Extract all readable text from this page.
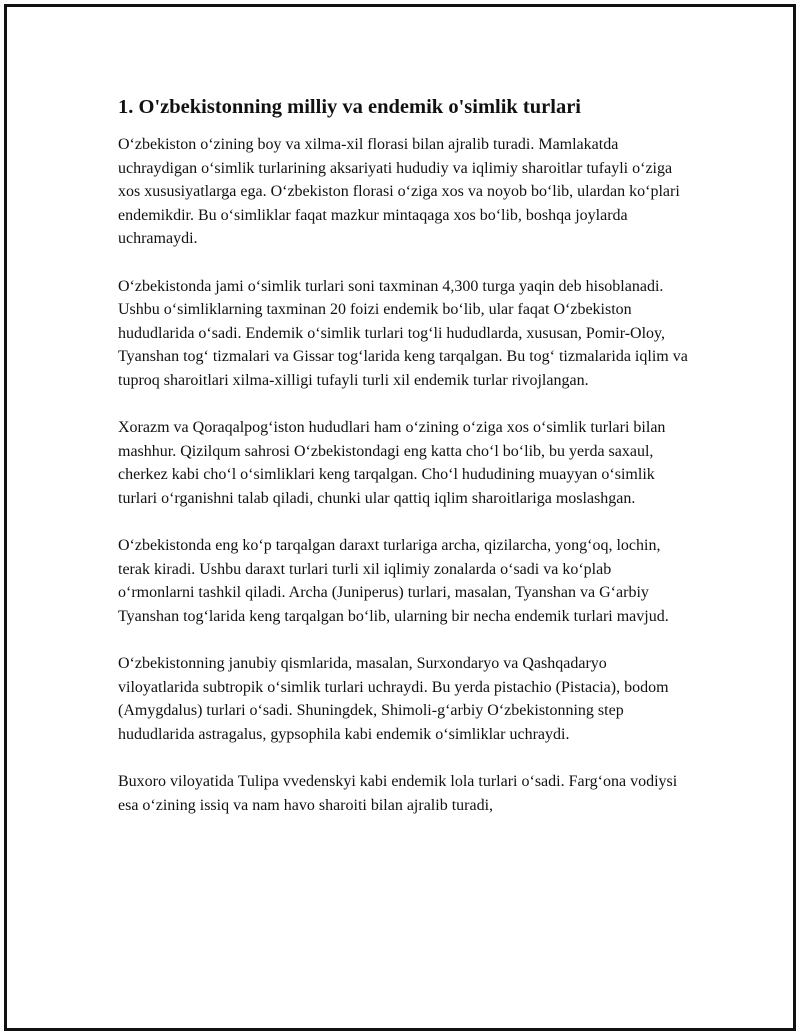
1. O'zbekistonning milliy va endemik o'simlik turlari

O‘zbekiston o‘zining boy va xilma-xil florasi bilan ajralib turadi. Mamlakatda uchraydigan o‘simlik turlarining aksariyati hududiy va iqlimiy sharoitlar tufayli o‘ziga xos xususiyatlarga ega. O‘zbekiston florasi o‘ziga xos va noyob bo‘lib, ulardan ko‘plari endemikdir. Bu o‘simliklar faqat mazkur mintaqaga xos bo‘lib, boshqa joylarda uchramaydi.

O‘zbekistonda jami o‘simlik turlari soni taxminan 4,300 turga yaqin deb hisoblanadi. Ushbu o‘simliklarning taxminan 20 foizi endemik bo‘lib, ular faqat O‘zbekiston hududlarida o‘sadi. Endemik o‘simlik turlari tog‘li hududlarda, xususan, Pomir-Oloy, Tyanshan tog‘ tizmalari va Gissar tog‘larida keng tarqalgan. Bu tog‘ tizmalarida iqlim va tuproq sharoitlari xilma-xilligi tufayli turli xil endemik turlar rivojlangan.

Xorazm va Qoraqalpog‘iston hududlari ham o‘zining o‘ziga xos o‘simlik turlari bilan mashhur. Qizilqum sahrosi O‘zbekistondagi eng katta cho‘l bo‘lib, bu yerda saxaul, cherkez kabi cho‘l o‘simliklari keng tarqalgan. Cho‘l hududining muayyan o‘simlik turlari o‘rganishni talab qiladi, chunki ular qattiq iqlim sharoitlariga moslashgan.

O‘zbekistonda eng ko‘p tarqalgan daraxt turlariga archa, qizilarcha, yong‘oq, lochin, terak kiradi. Ushbu daraxt turlari turli xil iqlimiy zonalarda o‘sadi va ko‘plab o‘rmonlarni tashkil qiladi. Archa (Juniperus) turlari, masalan, Tyanshan va G‘arbiy Tyanshan tog‘larida keng tarqalgan bo‘lib, ularning bir necha endemik turlari mavjud.

O‘zbekistonning janubiy qismlarida, masalan, Surxondaryo va Qashqadaryo viloyatlarida subtropik o‘simlik turlari uchraydi. Bu yerda pistachio (Pistacia), bodom (Amygdalus) turlari o‘sadi. Shuningdek, Shimoli-g‘arbiy O‘zbekistonning step hududlarida astragalus, gypsophila kabi endemik o‘simliklar uchraydi.

Buxoro viloyatida Tulipa vvedenskyi kabi endemik lola turlari o‘sadi. Farg‘ona vodiysi esa o‘zining issiq va nam havo sharoiti bilan ajralib turadi,
